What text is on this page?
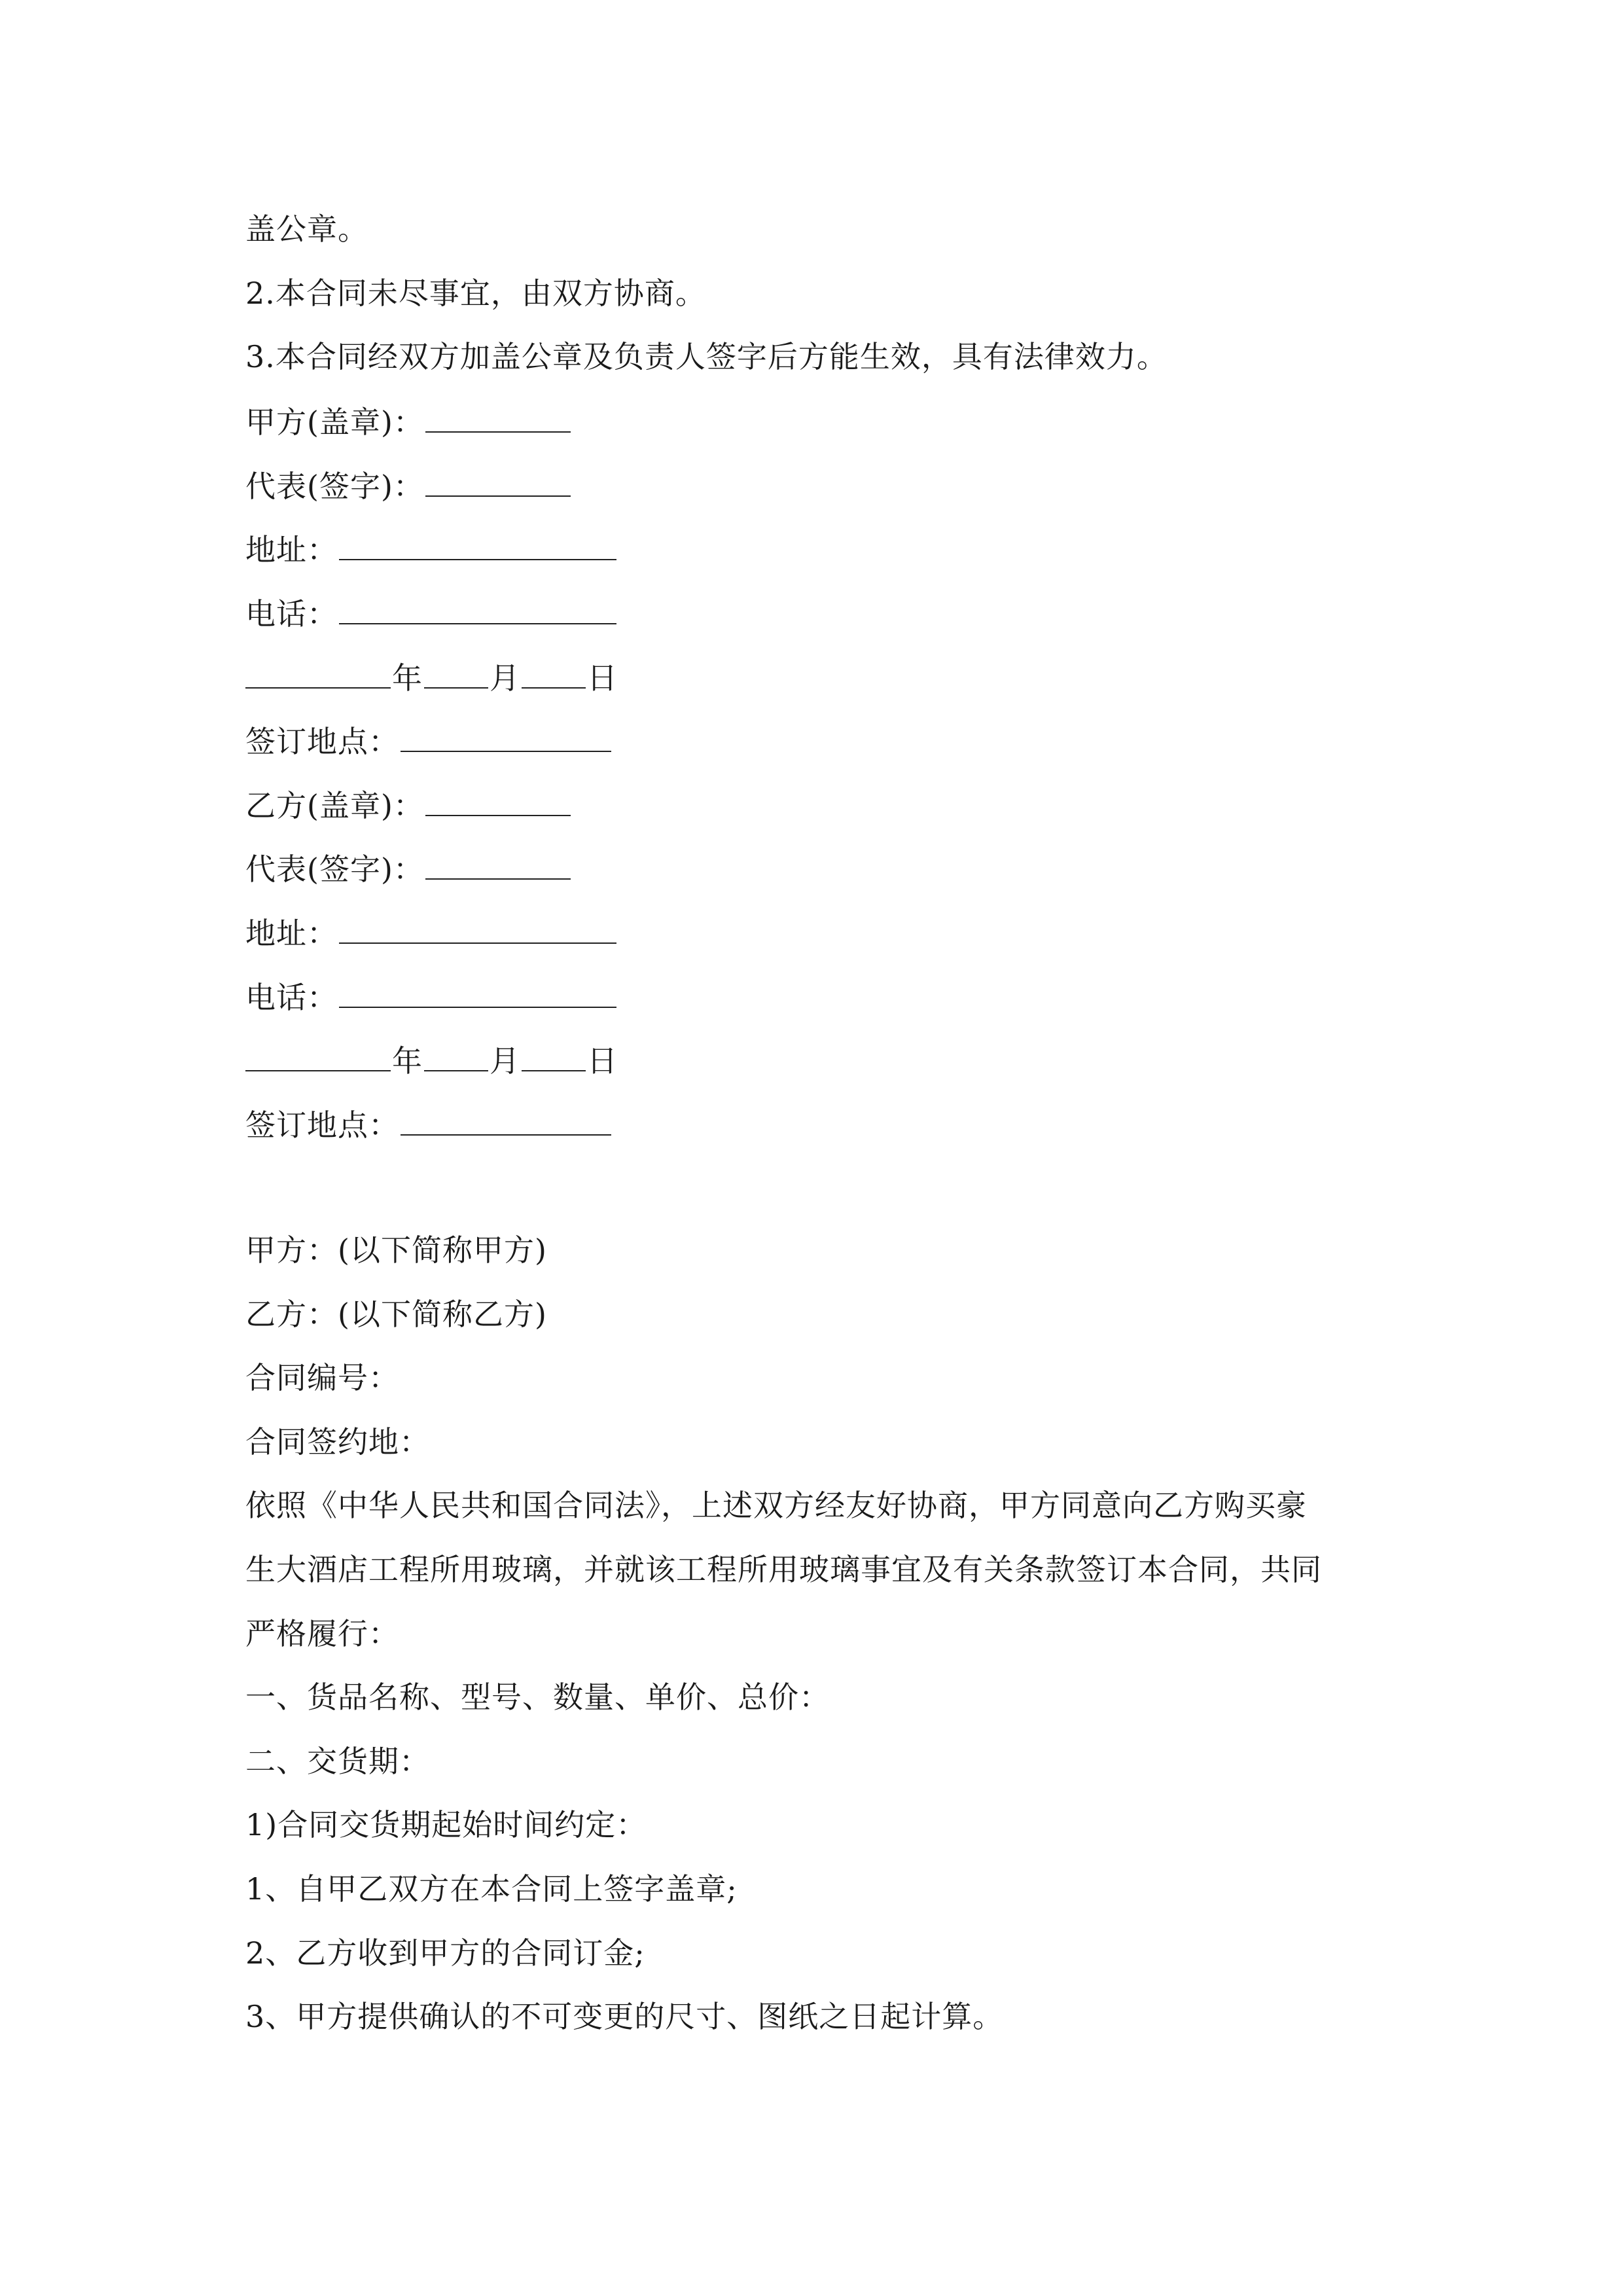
盖公章。
2.本合同未尽事宜，由双方协商。
3.本合同经双方加盖公章及负责人签字后方能生效，具有法律效力。
甲方(盖章)：
代表(签字)：
地址：
电话：
年 月 日
签订地点：
乙方(盖章)：
代表(签字)：
地址：
电话：
年 月 日
签订地点：
甲方：(以下简称甲方)
乙方：(以下简称乙方)
合同编号：
合同签约地：
依照《中华人民共和国合同法》，上述双方经友好协商，甲方同意向乙方购买豪
生大酒店工程所用玻璃，并就该工程所用玻璃事宜及有关条款签订本合同，共同
严格履行：
一、货品名称、型号、数量、单价、总价：
二、交货期：
1)合同交货期起始时间约定：
1、自甲乙双方在本合同上签字盖章;
2、乙方收到甲方的合同订金;
3、甲方提供确认的不可变更的尺寸、图纸之日起计算。
